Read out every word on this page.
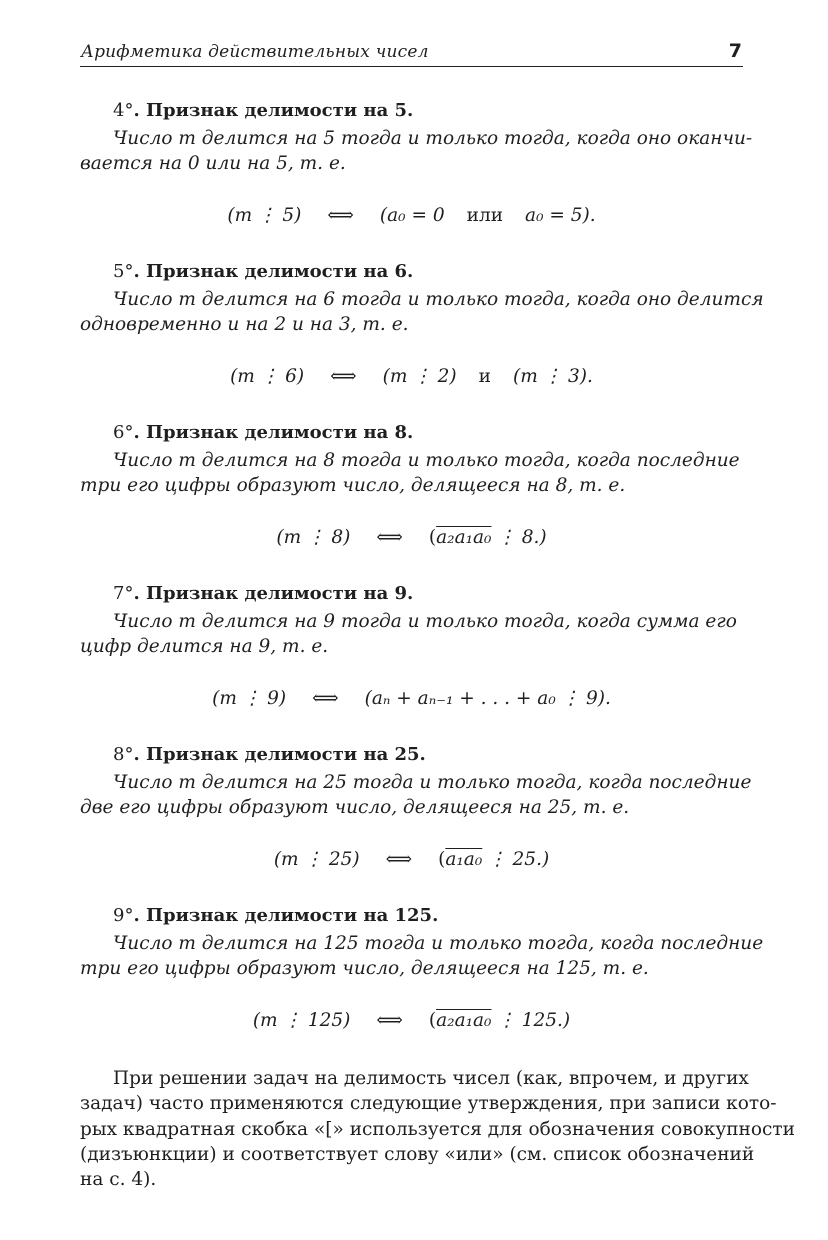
Арифметика действительных чисел	7
4°. Признак делимости на 5.
Число m делится на 5 тогда и только тогда, когда оно оканчи-
вается на 0 или на 5, т. е.
(m ⋮ 5) ⟺ (a₀ = 0 или a₀ = 5).
5°. Признак делимости на 6.
Число m делится на 6 тогда и только тогда, когда оно делится
одновременно и на 2 и на 3, т. е.
(m ⋮ 6) ⟺ (m ⋮ 2) и (m ⋮ 3).
6°. Признак делимости на 8.
Число m делится на 8 тогда и только тогда, когда последние
три его цифры образуют число, делящееся на 8, т. е.
(m ⋮ 8) ⟺ (a₂a₁a₀ ⋮ 8.)
7°. Признак делимости на 9.
Число m делится на 9 тогда и только тогда, когда сумма его
цифр делится на 9, т. е.
(m ⋮ 9) ⟺ (aₙ + aₙ₋₁ + . . . + a₀ ⋮ 9).
8°. Признак делимости на 25.
Число m делится на 25 тогда и только тогда, когда последние
две его цифры образуют число, делящееся на 25, т. е.
(m ⋮ 25) ⟺ (a₁a₀ ⋮ 25.)
9°. Признак делимости на 125.
Число m делится на 125 тогда и только тогда, когда последние
три его цифры образуют число, делящееся на 125, т. е.
(m ⋮ 125) ⟺ (a₂a₁a₀ ⋮ 125.)
При решении задач на делимость чисел (как, впрочем, и других
задач) часто применяются следующие утверждения, при записи кото-
рых квадратная скобка «[» используется для обозначения совокупности
(дизъюнкции) и соответствует слову «или» (см. список обозначений
на с. 4).
